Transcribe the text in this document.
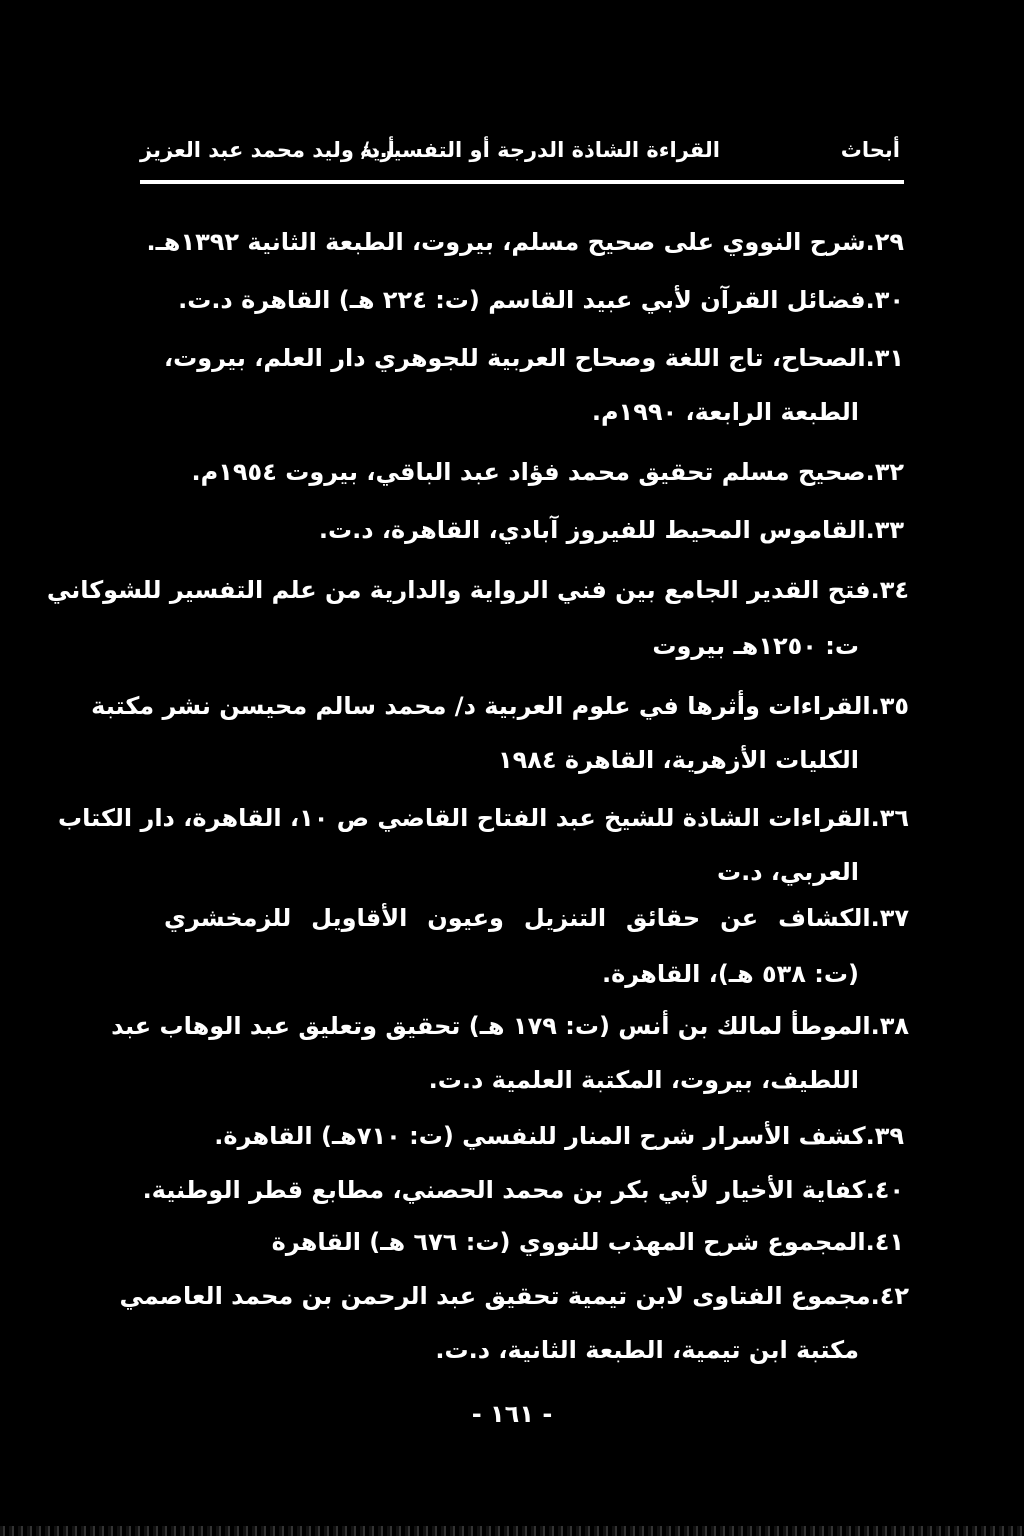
أبحاث
القراءة الشاذة الدرجة أو التفسيرية
أ.د/ وليد محمد عبد العزيز
٢٩.شرح النووي على صحيح مسلم، بيروت، الطبعة الثانية ١٣٩٢هـ.
٣٠.فضائل القرآن لأبي عبيد القاسم (ت: ٢٢٤ هـ) القاهرة د.ت.
٣١.الصحاح، تاج اللغة وصحاح العربية للجوهري دار العلم، بيروت،
الطبعة الرابعة، ١٩٩٠م.
٣٢.صحيح مسلم تحقيق محمد فؤاد عبد الباقي، بيروت ١٩٥٤م.
٣٣.القاموس المحيط للفيروز آبادي، القاهرة، د.ت.
٣٤.فتح القدير الجامع بين فني الرواية والدارية من علم التفسير للشوكاني
ت: ١٢٥٠هـ بيروت
٣٥.القراءات وأثرها في علوم العربية د/ محمد سالم محيسن نشر مكتبة
الكليات الأزهرية، القاهرة ١٩٨٤
٣٦.القراءات الشاذة للشيخ عبد الفتاح القاضي ص ١٠، القاهرة، دار الكتاب
العربي، د.ت
٣٧.الكشاف عن حقائق التنزيل وعيون الأقاويل للزمخشري
(ت: ٥٣٨ هـ)، القاهرة.
٣٨.الموطأ لمالك بن أنس (ت: ١٧٩ هـ) تحقيق وتعليق عبد الوهاب عبد
اللطيف، بيروت، المكتبة العلمية د.ت.
٣٩.كشف الأسرار شرح المنار للنفسي (ت: ٧١٠هـ) القاهرة.
٤٠.كفاية الأخيار لأبي بكر بن محمد الحصني، مطابع قطر الوطنية.
٤١.المجموع شرح المهذب للنووي (ت: ٦٧٦ هـ) القاهرة
٤٢.مجموع الفتاوى لابن تيمية تحقيق عبد الرحمن بن محمد العاصمي
مكتبة ابن تيمية، الطبعة الثانية، د.ت.
- ١٦١ -
